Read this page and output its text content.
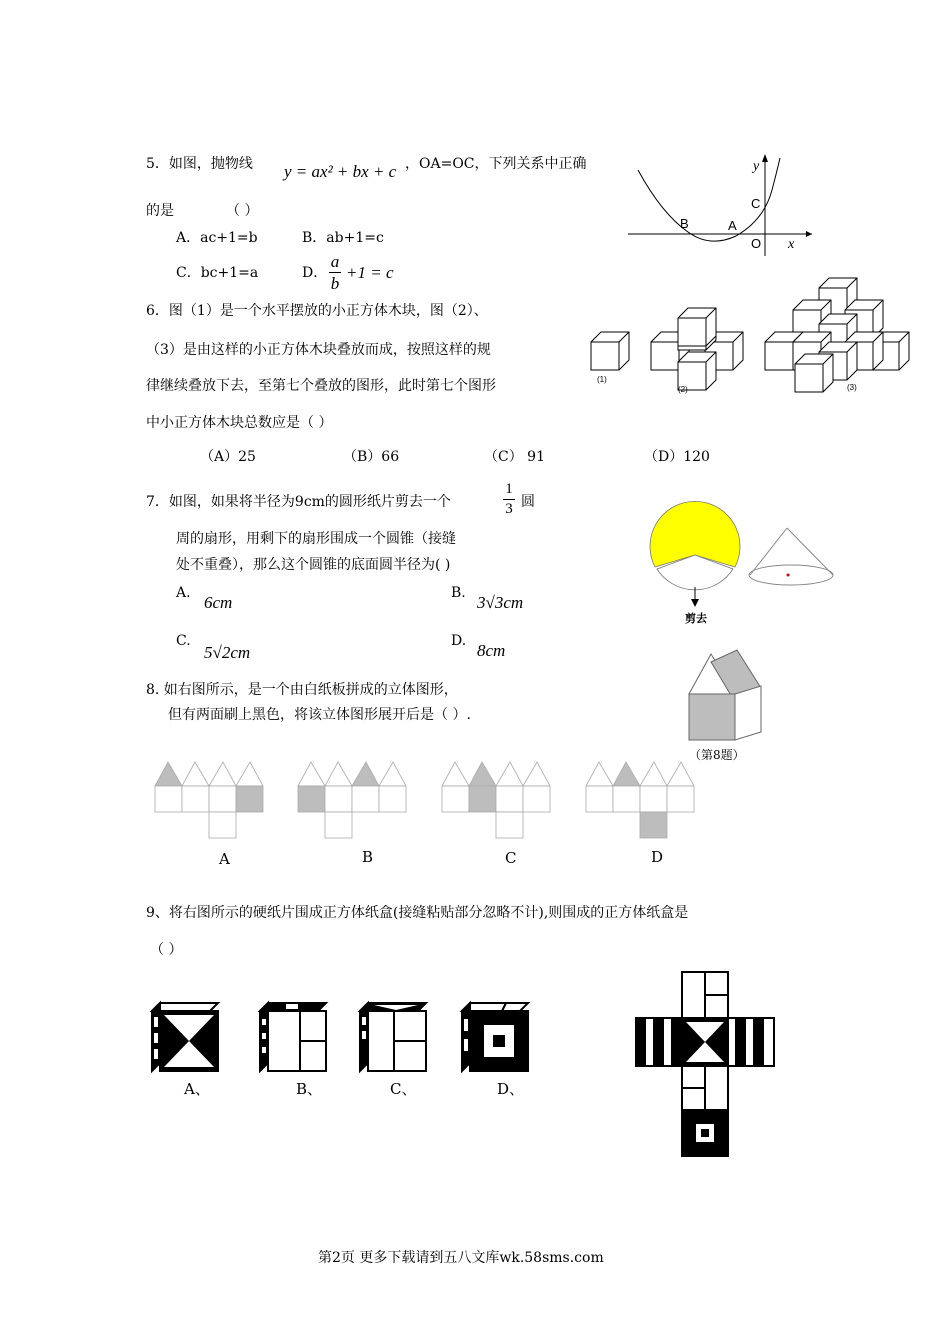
5．如图，抛物线 y = ax² + bx + c ，OA=OC，下列关系中正确
的是	（ ）
A．ac+1=b	B．ab+1=c
C．bc+1=a	D．
a
b
+1 = c
y
x
B	A
C
O
6．图（1）是一个水平摆放的小正方体木块，图（2）、
（3）是由这样的小正方体木块叠放而成，按照这样的规
律继续叠放下去，至第七个叠放的图形，此时第七个图形
中小正方体木块总数应是（ ）
（A）25	（B）66	（C） 91	（D）120
(1)
(2)	(3)
7．如图，如果将半径为9cm的圆形纸片剪去一个
1
3 圆
周的扇形，用剩下的扇形围成一个圆锥（接缝
处不重叠），那么这个圆锥的底面圆半径为( )
A. 6cm	B. 3√3cm
C.
5√2cm
D. 8cm
剪去
8. 如右图所示，是一个由白纸板拼成的立体图形，
但有两面刷上黑色，将该立体图形展开后是（ ）.
（第8题）
A	B	C	D
9、将右图所示的硬纸片围成正方体纸盒(接缝粘贴部分忽略不计),则围成的正方体纸盒是
（ ）
A、	B、	C、	D、
第2页 更多下载请到五八文库wk.58sms.com
